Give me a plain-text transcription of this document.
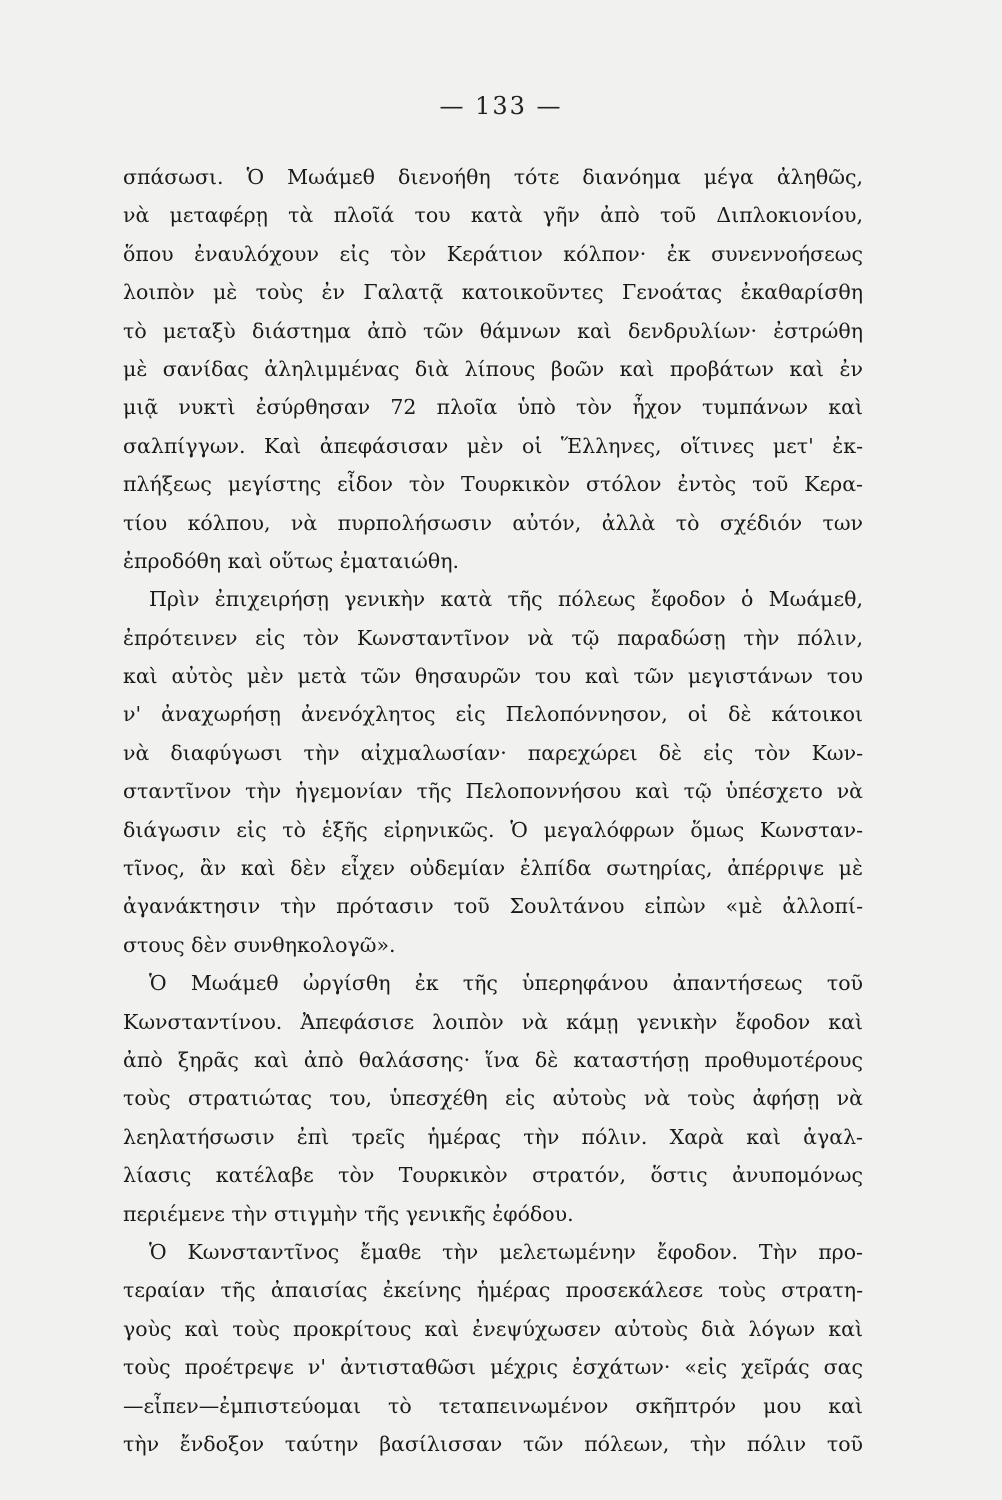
— 133 —
σπάσωσι. Ὁ Μωάμεθ διενοήθη τότε διανόημα μέγα ἀληθῶς,
νὰ μεταφέρῃ τὰ πλοῖά του κατὰ γῆν ἀπὸ τοῦ Διπλοκιονίου,
ὅπου ἐναυλόχουν εἰς τὸν Κεράτιον κόλπον· ἐκ συνεννοήσεως
λοιπὸν μὲ τοὺς ἐν Γαλατᾷ κατοικοῦντες Γενοάτας ἐκαθαρίσθη
τὸ μεταξὺ διάστημα ἀπὸ τῶν θάμνων καὶ δενδρυλίων· ἐστρώθη
μὲ σανίδας ἀληλιμμένας διὰ λίπους βοῶν καὶ προβάτων καὶ ἐν
μιᾷ νυκτὶ ἐσύρθησαν 72 πλοῖα ὑπὸ τὸν ἦχον τυμπάνων καὶ
σαλπίγγων. Καὶ ἀπεφάσισαν μὲν οἱ Ἕλληνες, οἵτινες μετ' ἐκ-
πλήξεως μεγίστης εἶδον τὸν Τουρκικὸν στόλον ἐντὸς τοῦ Κερα-
τίου κόλπου, νὰ πυρπολήσωσιν αὐτόν, ἀλλὰ τὸ σχέδιόν των
ἐπροδόθη καὶ οὕτως ἐματαιώθη.
Πρὶν ἐπιχειρήσῃ γενικὴν κατὰ τῆς πόλεως ἔφοδον ὁ Μωάμεθ,
ἐπρότεινεν εἰς τὸν Κωνσταντῖνον νὰ τῷ παραδώσῃ τὴν πόλιν,
καὶ αὐτὸς μὲν μετὰ τῶν θησαυρῶν του καὶ τῶν μεγιστάνων του
ν' ἀναχωρήσῃ ἀνενόχλητος εἰς Πελοπόννησον, οἱ δὲ κάτοικοι
νὰ διαφύγωσι τὴν αἰχμαλωσίαν· παρεχώρει δὲ εἰς τὸν Κων-
σταντῖνον τὴν ἡγεμονίαν τῆς Πελοποννήσου καὶ τῷ ὑπέσχετο νὰ
διάγωσιν εἰς τὸ ἑξῆς εἰρηνικῶς. Ὁ μεγαλόφρων ὅμως Κωνσταν-
τῖνος, ἂν καὶ δὲν εἶχεν οὐδεμίαν ἐλπίδα σωτηρίας, ἀπέρριψε μὲ
ἀγανάκτησιν τὴν πρότασιν τοῦ Σουλτάνου εἰπὼν «μὲ ἀλλοπί-
στους δὲν συνθηκολογῶ».
Ὁ Μωάμεθ ὠργίσθη ἐκ τῆς ὑπερηφάνου ἀπαντήσεως τοῦ
Κωνσταντίνου. Ἀπεφάσισε λοιπὸν νὰ κάμῃ γενικὴν ἔφοδον καὶ
ἀπὸ ξηρᾶς καὶ ἀπὸ θαλάσσης· ἵνα δὲ καταστήσῃ προθυμοτέρους
τοὺς στρατιώτας του, ὑπεσχέθη εἰς αὐτοὺς νὰ τοὺς ἀφήσῃ νὰ
λεηλατήσωσιν ἐπὶ τρεῖς ἡμέρας τὴν πόλιν. Χαρὰ καὶ ἀγαλ-
λίασις κατέλαβε τὸν Τουρκικὸν στρατόν, ὅστις ἀνυπομόνως
περιέμενε τὴν στιγμὴν τῆς γενικῆς ἐφόδου.
Ὁ Κωνσταντῖνος ἔμαθε τὴν μελετωμένην ἔφοδον. Τὴν προ-
τεραίαν τῆς ἀπαισίας ἐκείνης ἡμέρας προσεκάλεσε τοὺς στρατη-
γοὺς καὶ τοὺς προκρίτους καὶ ἐνεψύχωσεν αὐτοὺς διὰ λόγων καὶ
τοὺς προέτρεψε ν' ἀντισταθῶσι μέχρις ἐσχάτων· «εἰς χεῖράς σας
—εἶπεν—ἐμπιστεύομαι τὸ τεταπεινωμένον σκῆπτρόν μου καὶ
τὴν ἔνδοξον ταύτην βασίλισσαν τῶν πόλεων, τὴν πόλιν τοῦ
